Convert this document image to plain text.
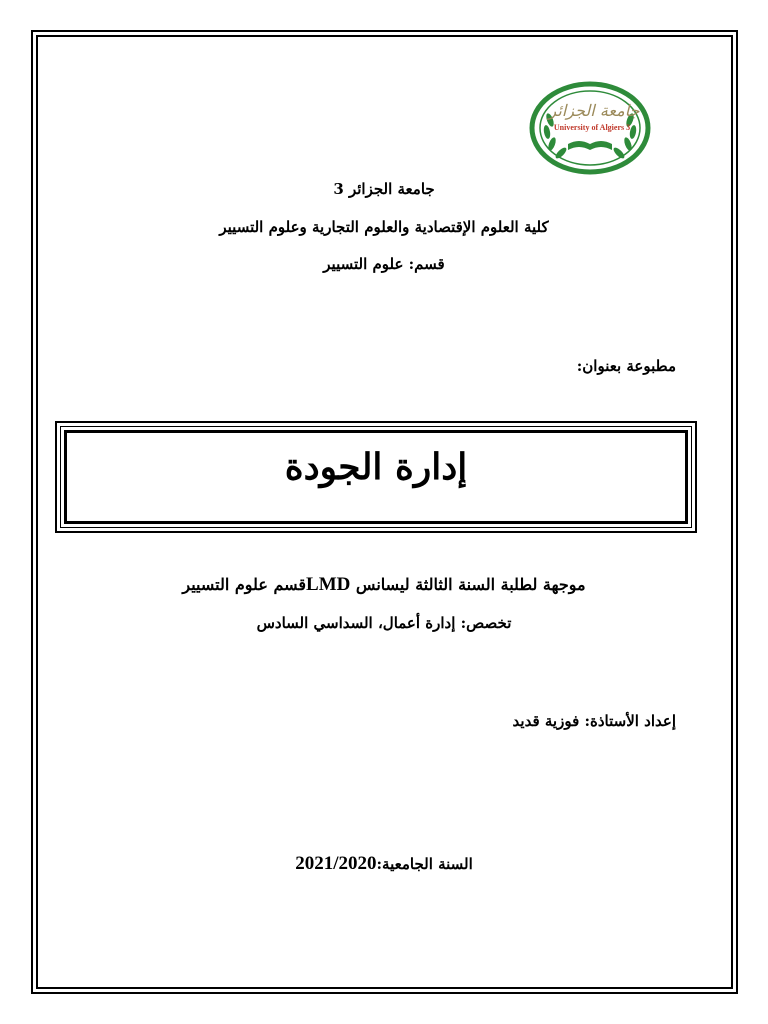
جامعة الجزائر
University of Algiers 3
جامعة الجزائر 3
كلية العلوم الإقتصادية والعلوم التجارية وعلوم التسيير
قسم: علوم التسيير
مطبوعة بعنوان:
إدارة الجودة
موجهة لطلبة السنة الثالثة ليسانس LMDقسم علوم التسيير
تخصص: إدارة أعمال، السداسي السادس
إعداد الأستاذة: فوزية قديد
السنة الجامعية:2021/2020
